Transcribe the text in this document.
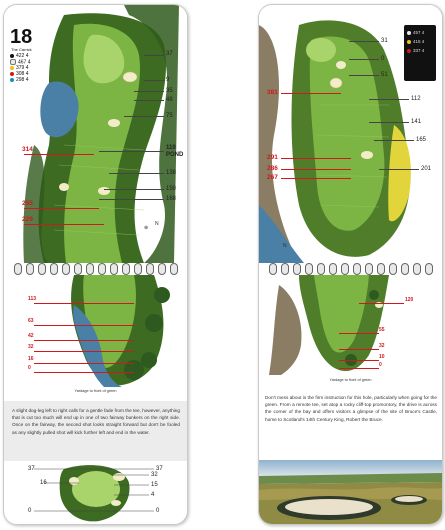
⊕
18
The Carrick
422 4
467 4
379 4
308 4
298 4
37
9
35
48
75
110
POND
138
159
168
314
255
229
N
113
63
42
32
16
0
Yardage to front of green
A slight dog-leg left to right calls for a gentle fade from the tee, however, anything that is cut too much will end up in one of two fairway bunkers on the right side. Once on the fairway, the second shot looks straight forward but don't be fooled as any slightly pulled shot will kick further left and end in the water.
37
16
0
37
32
15
4
0
457 4
415 4
337 4
31
0
51
112
141
165
201
381
291
286
267
N
120
55
32
10
0
Yardage to front of green
Don't mess about is the firm instruction for this hole, particularly when going for the green. From a remote tee, set atop a rocky cliff-top promontory, the drive is across the corner of the bay and offers visitors a glimpse of the site of Bruce's Castle, home to Scotland's 14th Century King, Robert the Bruce.
